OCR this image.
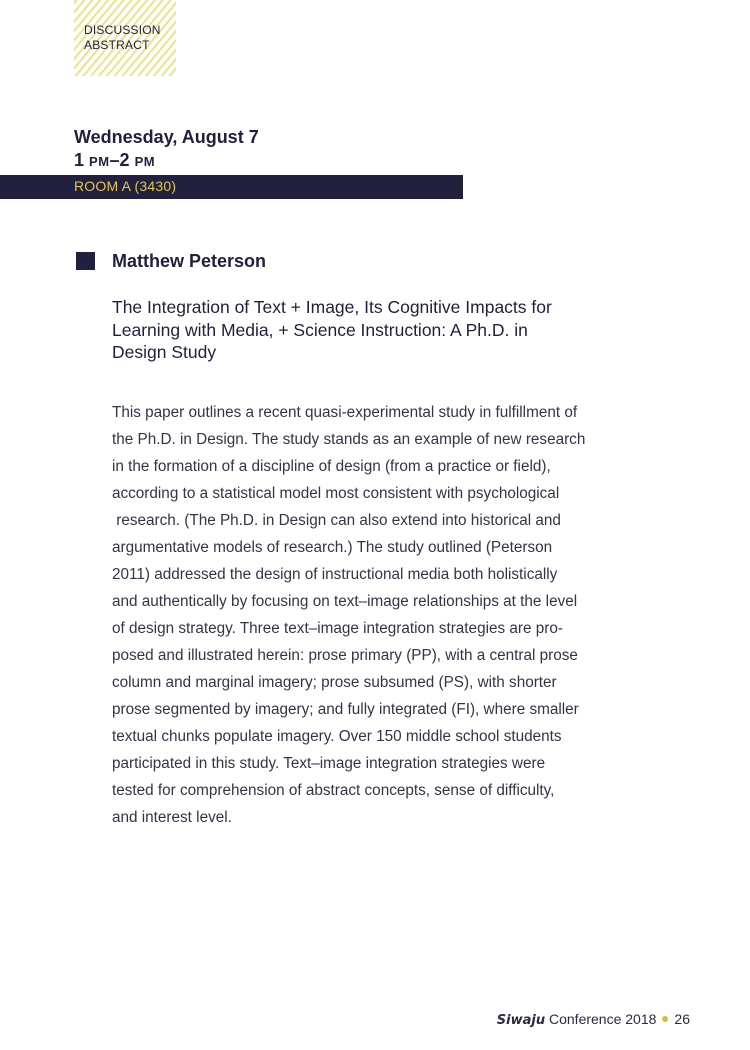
DISCUSSION
ABSTRACT
Wednesday, August 7
1 PM–2 PM
ROOM A (3430)
Matthew Peterson
The Integration of Text + Image, Its Cognitive Impacts for
Learning with Media, + Science Instruction: A Ph.D. in
Design Study
This paper outlines a recent quasi-experimental study in fulfillment of
the Ph.D. in Design. The study stands as an example of new research
in the formation of a discipline of design (from a practice or field),
according to a statistical model most consistent with psychological
research. (The Ph.D. in Design can also extend into historical and
argumentative models of research.) The study outlined (Peterson
2011) addressed the design of instructional media both holistically
and authentically by focusing on text–image relationships at the level
of design strategy. Three text–image integration strategies are pro-
posed and illustrated herein: prose primary (PP), with a central prose
column and marginal imagery; prose subsumed (PS), with shorter
prose segmented by imagery; and fully integrated (FI), where smaller
textual chunks populate imagery. Over 150 middle school students
participated in this study. Text–image integration strategies were
tested for comprehension of abstract concepts, sense of difficulty,
and interest level.
Siwaju Conference 2018 26
